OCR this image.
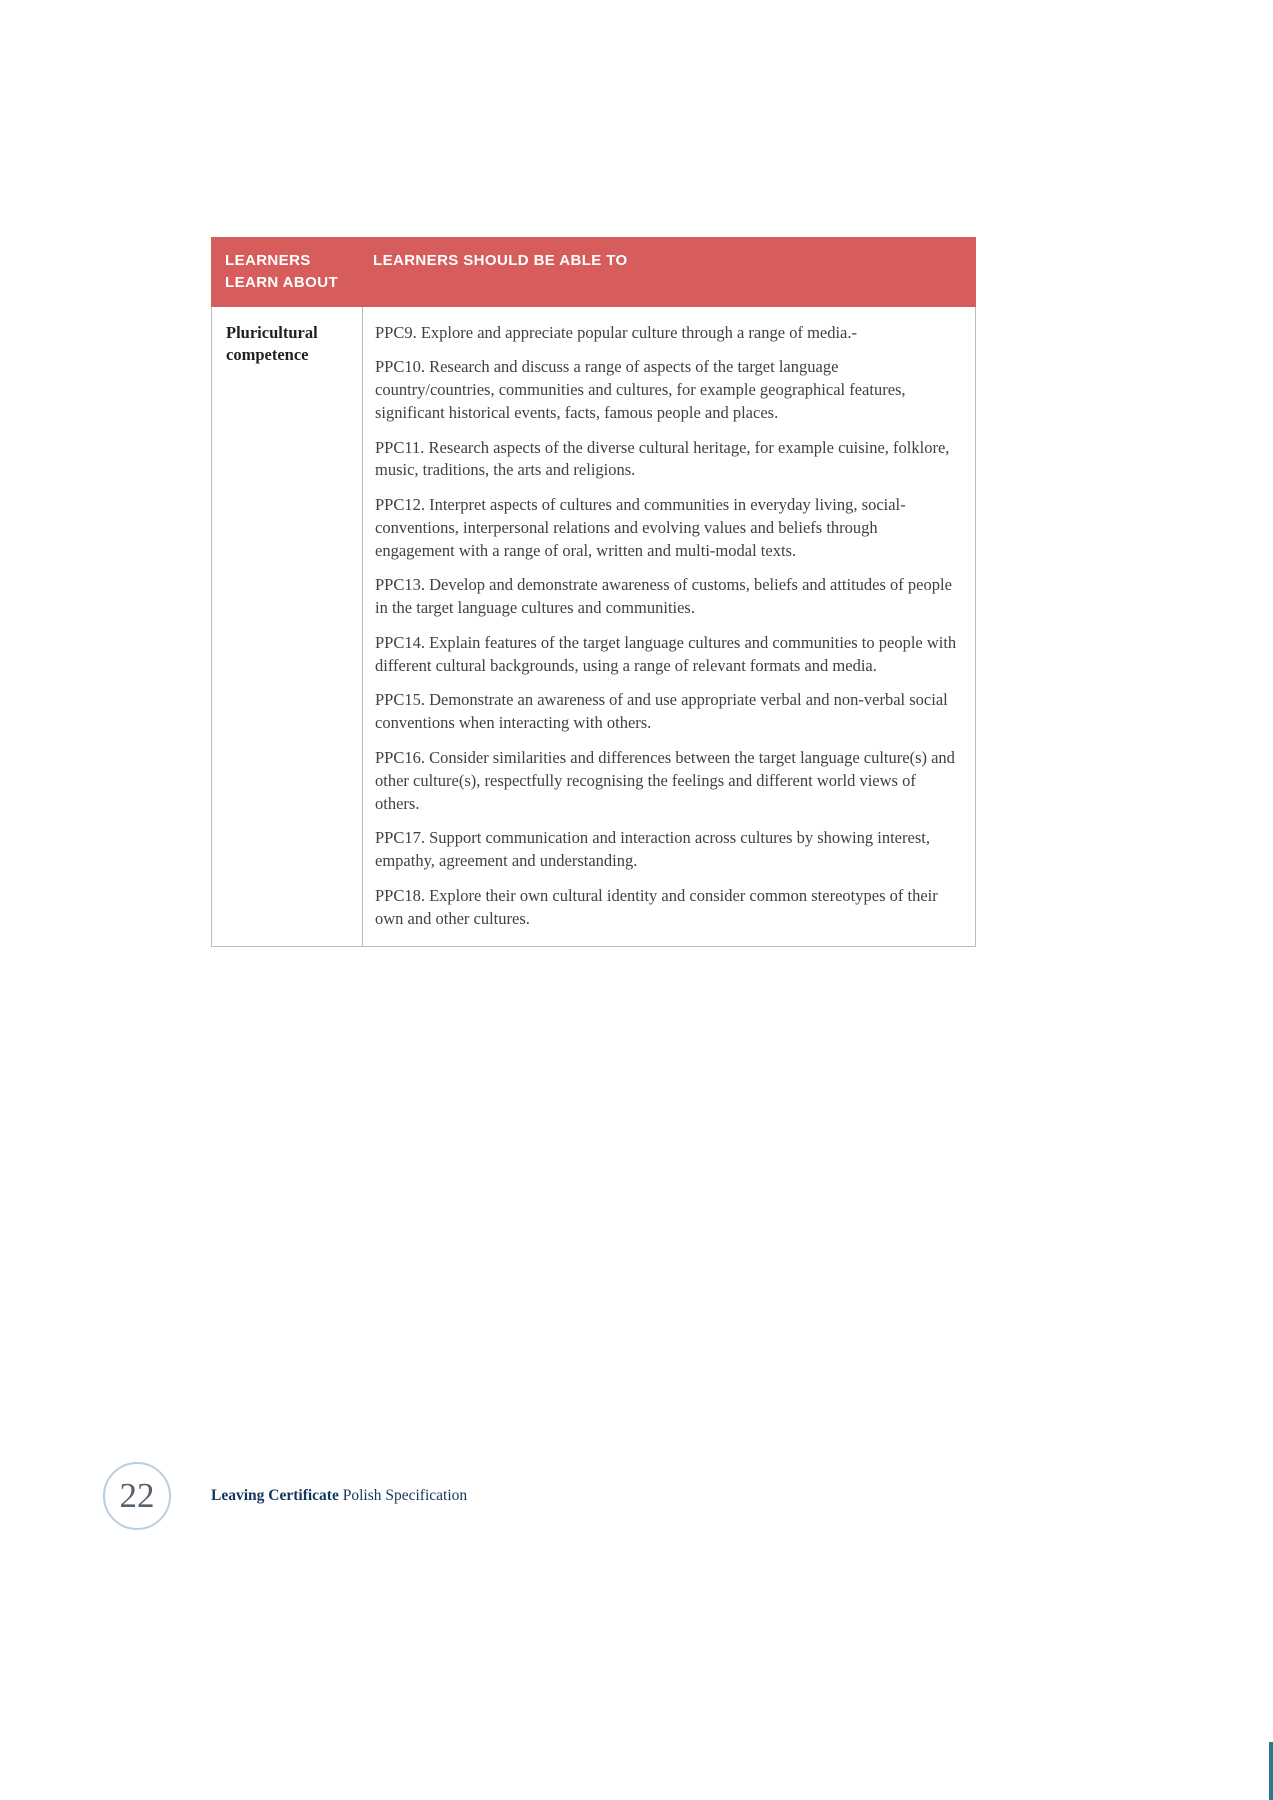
LEARNERS
LEARN ABOUT
LEARNERS SHOULD BE ABLE TO
Pluricultural competence

PPC9. Explore and appreciate popular culture through a range of media.-

PPC10. Research and discuss a range of aspects of the target language country/countries, communities and cultures, for example geographical features, significant historical events, facts, famous people and places.

PPC11. Research aspects of the diverse cultural heritage, for example cuisine, folklore, music, traditions, the arts and religions.

PPC12. Interpret aspects of cultures and communities in everyday living, social-conventions, interpersonal relations and evolving values and beliefs through engagement with a range of oral, written and multi-modal texts.

PPC13. Develop and demonstrate awareness of customs, beliefs and attitudes of people in the target language cultures and communities.

PPC14. Explain features of the target language cultures and communities to people with different cultural backgrounds, using a range of relevant formats and media.

PPC15. Demonstrate an awareness of and use appropriate verbal and non-verbal social conventions when interacting with others.

PPC16. Consider similarities and differences between the target language culture(s) and other culture(s), respectfully recognising the feelings and different world views of others.

PPC17. Support communication and interaction across cultures by showing interest, empathy, agreement and understanding.

PPC18. Explore their own cultural identity and consider common stereotypes of their own and other cultures.

22	Leaving Certificate Polish Specification
